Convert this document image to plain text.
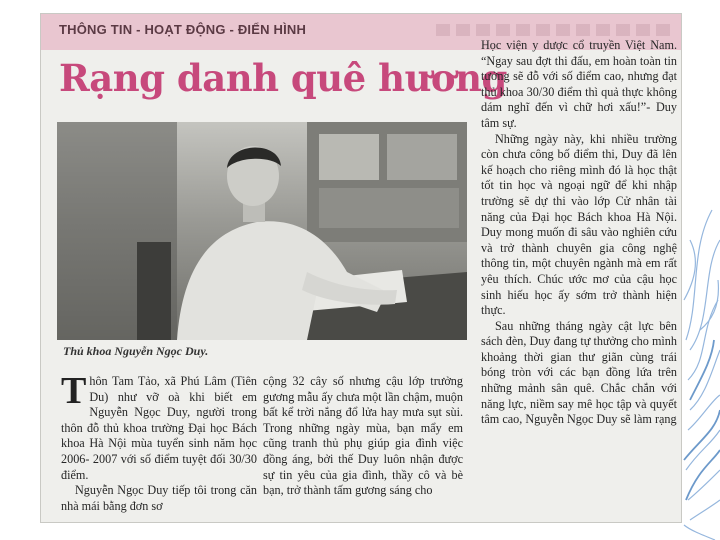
THÔNG TIN - HOẠT ĐỘNG - ĐIỂN HÌNH
Rạng danh quê hương
Thủ khoa Nguyễn Ngọc Duy.

Thôn Tam Tảo, xã Phú Lâm (Tiên Du) như vỡ oà khi biết em Nguyễn Ngọc Duy, người trong thôn đỗ thủ khoa trường Đại học Bách khoa Hà Nội mùa tuyển sinh năm học 2006- 2007 với số điểm tuyệt đối 30/30 điểm.

Nguyễn Ngọc Duy tiếp tôi trong căn nhà mái bằng đơn sơ

cộng 32 cây số nhưng cậu lớp trưởng gương mẫu ấy chưa một lần chậm, muộn bất kể trời nắng đổ lửa hay mưa sụt sùi. Trong những ngày mùa, bạn mẩy em cũng tranh thủ phụ giúp gia đình việc đồng áng, bởi thế Duy luôn nhận được sự tin yêu của gia đình, thầy cô và bè bạn, trở thành tấm gương sáng cho

Học viện y dược cổ truyền Việt Nam. “Ngay sau đợt thi đấu, em hoàn toàn tin tưởng sẽ đỗ với số điểm cao, nhưng đạt thủ khoa 30/30 điểm thì quả thực không dám nghĩ đến vì chữ hơi xấu!”- Duy tâm sự.

Những ngày này, khi nhiều trường còn chưa công bố điểm thi, Duy đã lên kế hoạch cho riêng mình đó là học thật tốt tin học và ngoại ngữ để khi nhập trường sẽ dự thi vào lớp Cử nhân tài năng của Đại học Bách khoa Hà Nội. Duy mong muốn đi sâu vào nghiên cứu và trở thành chuyên gia công nghệ thông tin, một chuyên ngành mà em rất yêu thích. Chúc ước mơ của cậu học sinh hiếu học ấy sớm trở thành hiện thực.

Sau những tháng ngày cật lực bên sách đèn, Duy đang tự thưởng cho mình khoảng thời gian thư giãn cùng trái bóng tròn với các bạn đồng lứa trên những mảnh sân quê. Chắc chắn với năng lực, niềm say mê học tập và quyết tâm cao, Nguyễn Ngọc Duy sẽ làm rạng
